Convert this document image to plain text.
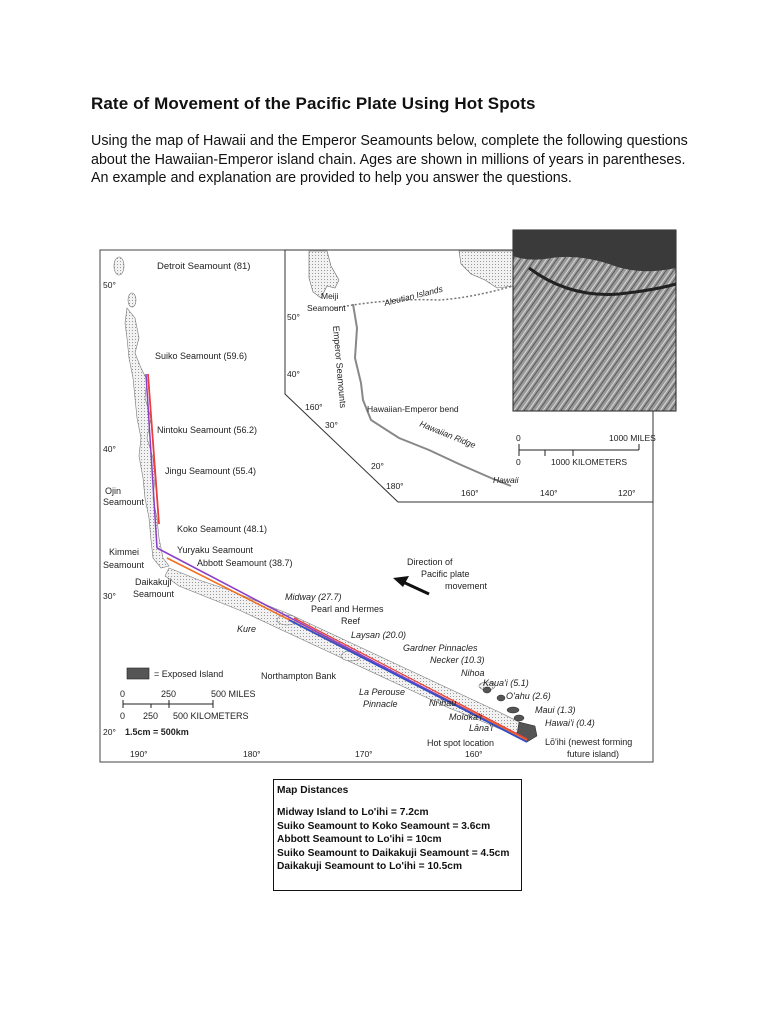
Rate of Movement of the Pacific Plate Using Hot Spots
Using the map of Hawaii and the Emperor Seamounts below, complete the following questions about the Hawaiian-Emperor island chain. Ages are shown in millions of years in parentheses. An example and explanation are provided to help you answer the questions.
Detroit Seamount (81)
Suiko Seamount (59.6)
Nintoku Seamount (56.2)
Jingu Seamount (55.4)
Ojin
Seamount
Koko Seamount (48.1)
Kimmei
Seamount
Yuryaku Seamount
Abbott Seamount (38.7)
Daikakuji
Seamount	Midway (27.7)
Pearl and Hermes
Reef
Kure
Laysan (20.0)
Gardner Pinnacles
Necker (10.3)
Nihoa
Kaua'i (5.1)
O'ahu (2.6)
Maui (1.3)
Hawai'i (0.4)
Moloka'i
Lāna'i
Ni'ihau
Northampton Bank
La Perouse
Pinnacle
Hot spot location	Lō'ihi (newest forming
future island)
Direction of
Pacific plate
movement
= Exposed Island
0	250	500 MILES
0 250 500 KILOMETERS
1.5cm = 500km
50°
40°
30°
20°
190°	180°	170°	160°
Meiji
Seamount
Aleutian Islands
Emperor Seamounts
Hawaiian-Emperor bend
Hawaiian Ridge
Hawaii
50°
40°
30°
20°
160°
180°
160°	140°	120°
0	1000 MILES
0	1000 KILOMETERS
Map Distances
Midway Island to Lo'ihi = 7.2cm
Suiko Seamount to Koko Seamount = 3.6cm
Abbott Seamount to Lo'ihi = 10cm
Suiko Seamount to Daikakuji Seamount = 4.5cm
Daikakuji Seamount to Lo'ihi = 10.5cm
